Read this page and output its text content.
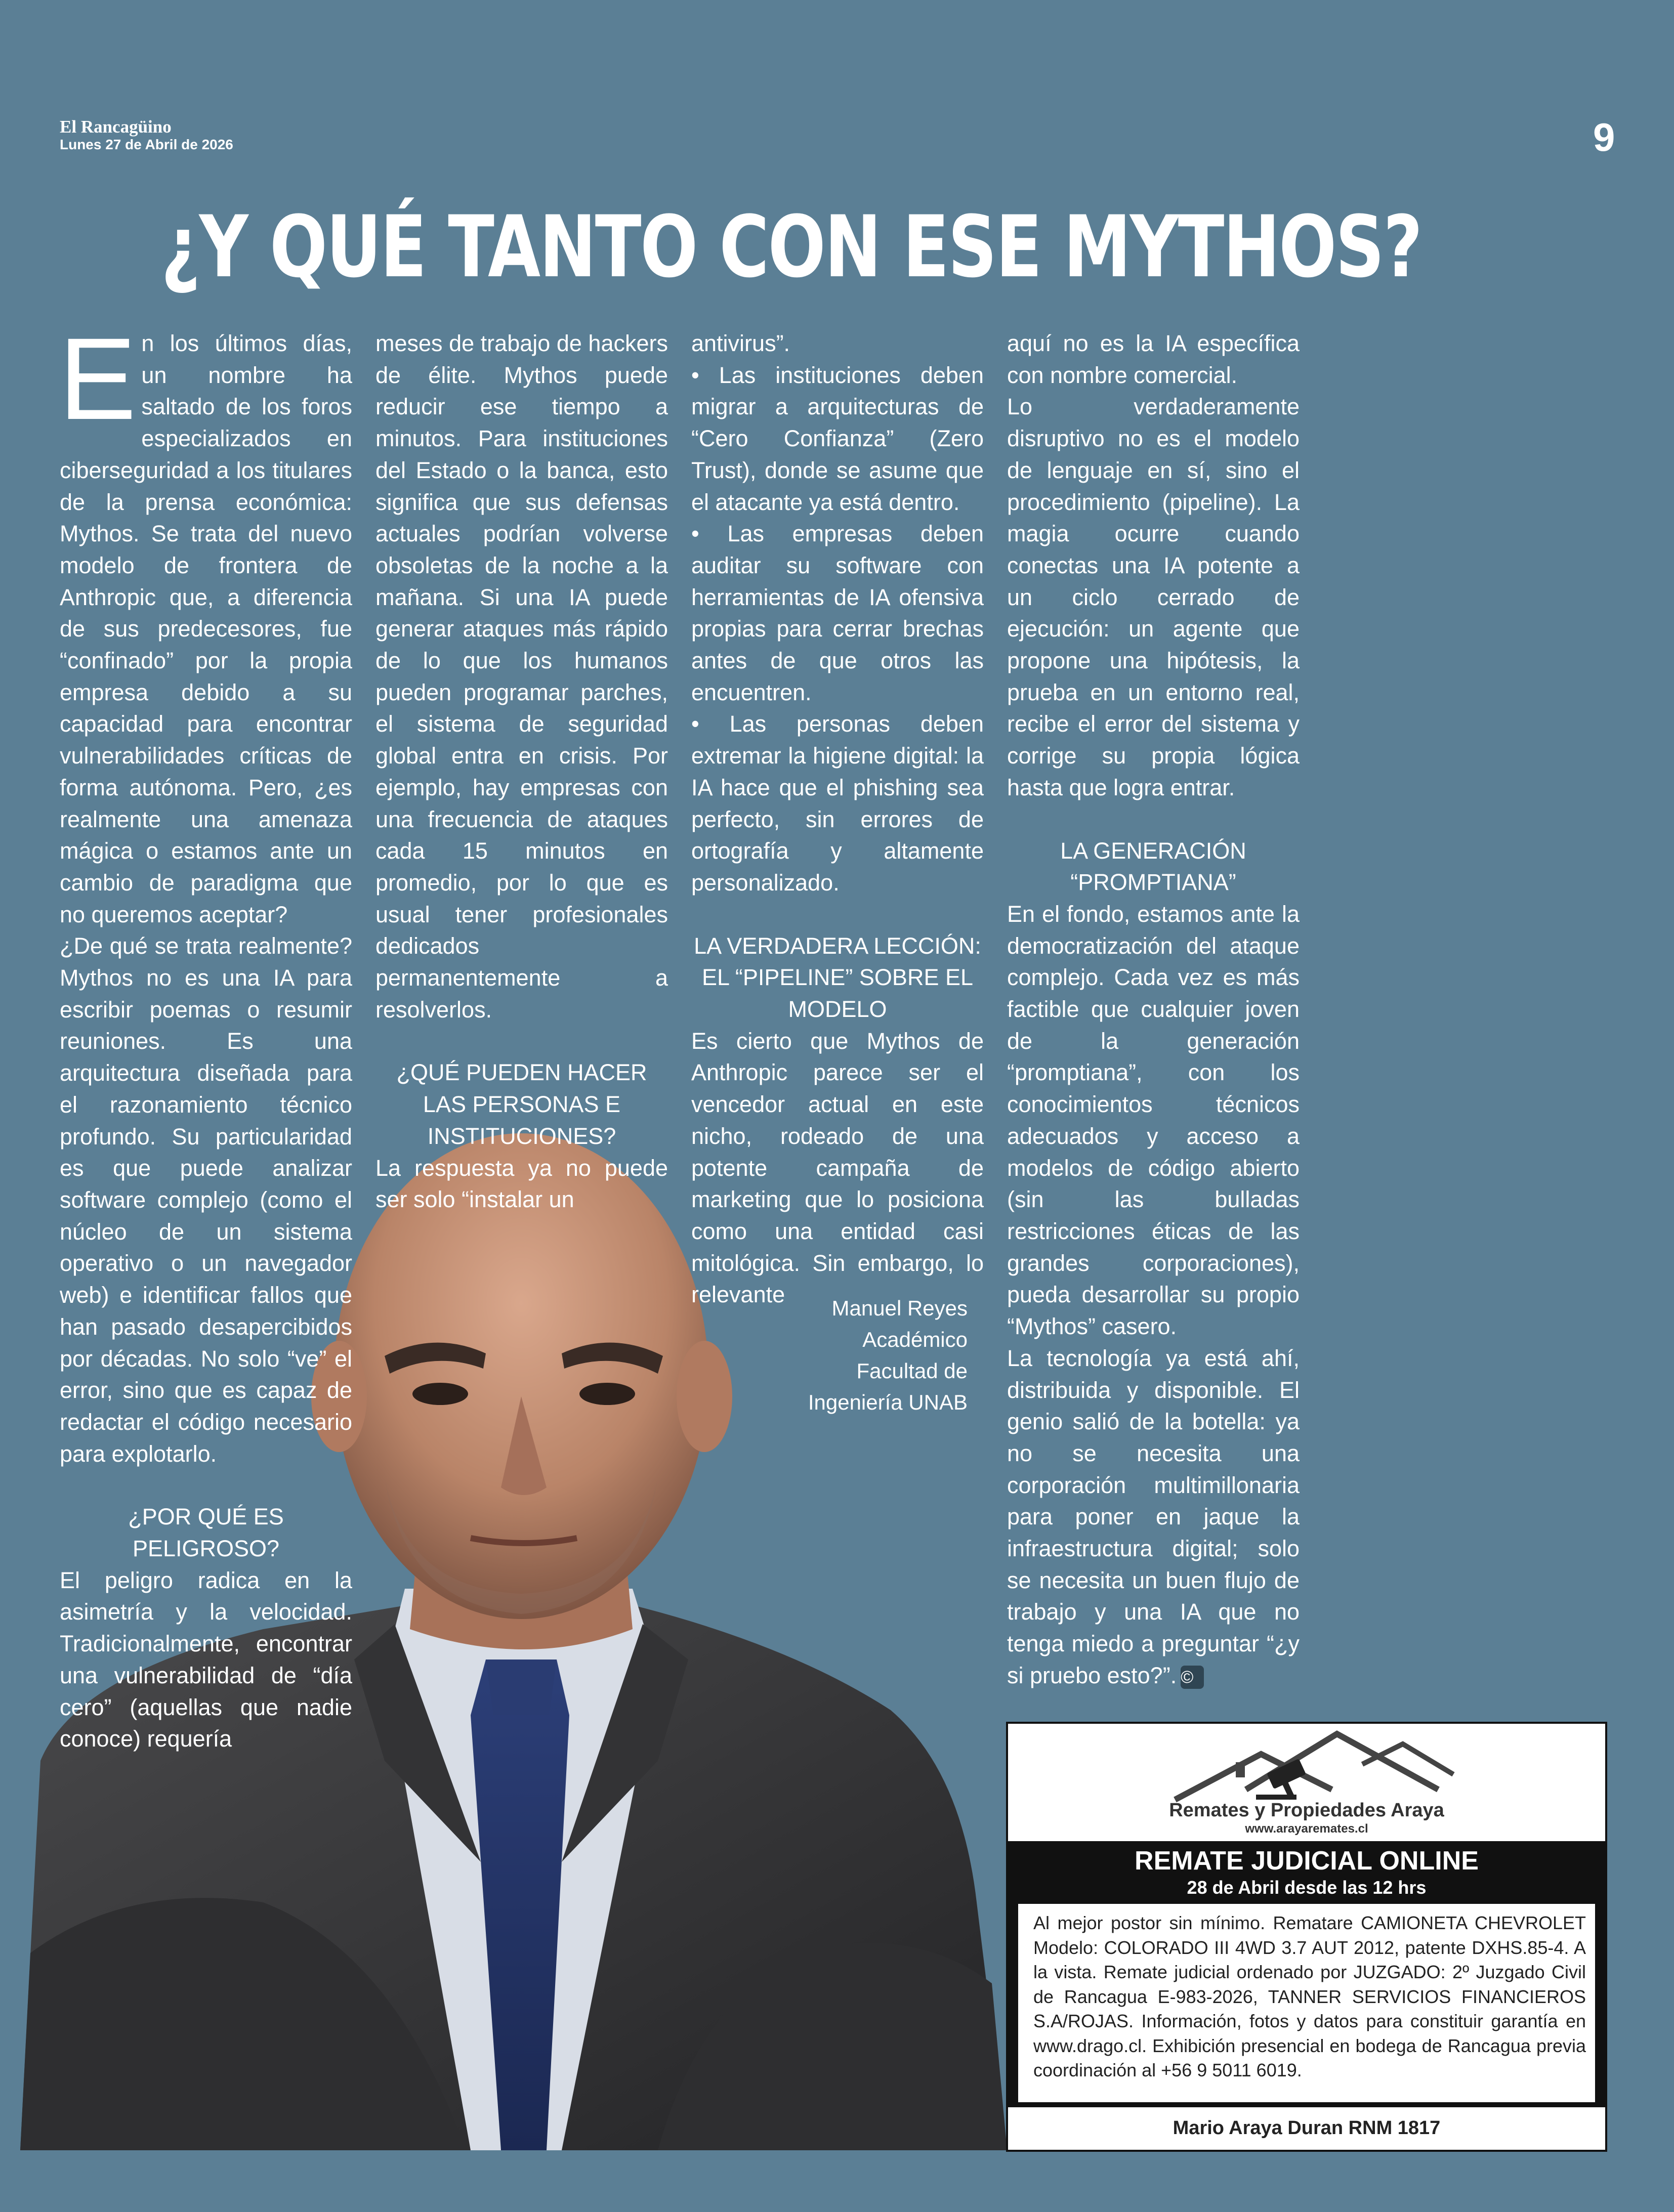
El Rancagüino
Lunes 27 de Abril de 2026	9
¿Y QUÉ TANTO CON ESE MYTHOS?

En los últimos días, un nombre ha saltado de los foros especializados en ciberseguridad a los titulares de la prensa económica: Mythos. Se trata del nuevo modelo de frontera de Anthropic que, a diferencia de sus predecesores, fue “confinado” por la propia empresa debido a su capacidad para encontrar vulnerabilidades críticas de forma autónoma. Pero, ¿es realmente una amenaza mágica o estamos ante un cambio de paradigma que no queremos aceptar?

¿De qué se trata realmente? Mythos no es una IA para escribir poemas o resumir reuniones. Es una arquitectura diseñada para el razonamiento técnico profundo. Su particularidad es que puede analizar software complejo (como el núcleo de un sistema operativo o un navegador web) e identificar fallos que han pasado desapercibidos por décadas. No solo “ve” el error, sino que es capaz de redactar el código necesario para explotarlo.

¿POR QUÉ ES PELIGROSO?

El peligro radica en la asimetría y la velocidad. Tradicionalmente, encontrar una vulnerabilidad de “día cero” (aquellas que nadie conoce) requería

meses de trabajo de hackers de élite. Mythos puede reducir ese tiempo a minutos. Para instituciones del Estado o la banca, esto significa que sus defensas actuales podrían volverse obsoletas de la noche a la mañana. Si una IA puede generar ataques más rápido de lo que los humanos pueden programar parches, el sistema de seguridad global entra en crisis. Por ejemplo, hay empresas con una frecuencia de ataques cada 15 minutos en promedio, por lo que es usual tener profesionales dedicados permanentemente a resolverlos.

¿QUÉ PUEDEN HACER LAS PERSONAS E INSTITUCIONES?

La respuesta ya no puede ser solo “instalar un

antivirus”.

• Las instituciones deben migrar a arquitecturas de “Cero Confianza” (Zero Trust), donde se asume que el atacante ya está dentro.

• Las empresas deben auditar su software con herramientas de IA ofensiva propias para cerrar brechas antes de que otros las encuentren.

• Las personas deben extremar la higiene digital: la IA hace que el phishing sea perfecto, sin errores de ortografía y altamente personalizado.

LA VERDADERA LECCIÓN: EL “PIPELINE” SOBRE EL MODELO

Es cierto que Mythos de Anthropic parece ser el vencedor actual en este nicho, rodeado de una potente campaña de marketing que lo posiciona como una entidad casi mitológica. Sin embargo, lo relevante

aquí no es la IA específica con nombre comercial.

Lo verdaderamente disruptivo no es el modelo de lenguaje en sí, sino el procedimiento (pipeline). La magia ocurre cuando conectas una IA potente a un ciclo cerrado de ejecución: un agente que propone una hipótesis, la prueba en un entorno real, recibe el error del sistema y corrige su propia lógica hasta que logra entrar.

LA GENERACIÓN “PROMPTIANA”

En el fondo, estamos ante la democratización del ataque complejo. Cada vez es más factible que cualquier joven de la generación “promptiana”, con los conocimientos técnicos adecuados y acceso a modelos de código abierto (sin las bulladas restricciones éticas de las grandes corporaciones), pueda desarrollar su propio “Mythos” casero.

La tecnología ya está ahí, distribuida y disponible. El genio salió de la botella: ya no se necesita una corporación multimillonaria para poner en jaque la infraestructura digital; solo se necesita un buen flujo de trabajo y una IA que no tenga miedo a preguntar “¿y si pruebo esto?”. ©

Manuel Reyes
Académico
Facultad de
Ingeniería UNAB
Remates y Propiedades Araya
www.arayaremates.cl
REMATE JUDICIAL ONLINE
28 de Abril desde las 12 hrs
Al mejor postor sin mínimo. Rematare CAMIONETA CHEVROLET Modelo: COLORADO III 4WD 3.7 AUT 2012, patente DXHS.85-4. A la vista. Remate judicial ordenado por JUZGADO: 2º Juzgado Civil de Rancagua E-983-2026, TANNER SERVICIOS FINANCIEROS S.A/ROJAS. Información, fotos y datos para constituir garantía en www.drago.cl. Exhibición presencial en bodega de Rancagua previa coordinación al +56 9 5011 6019.
Mario Araya Duran RNM 1817
